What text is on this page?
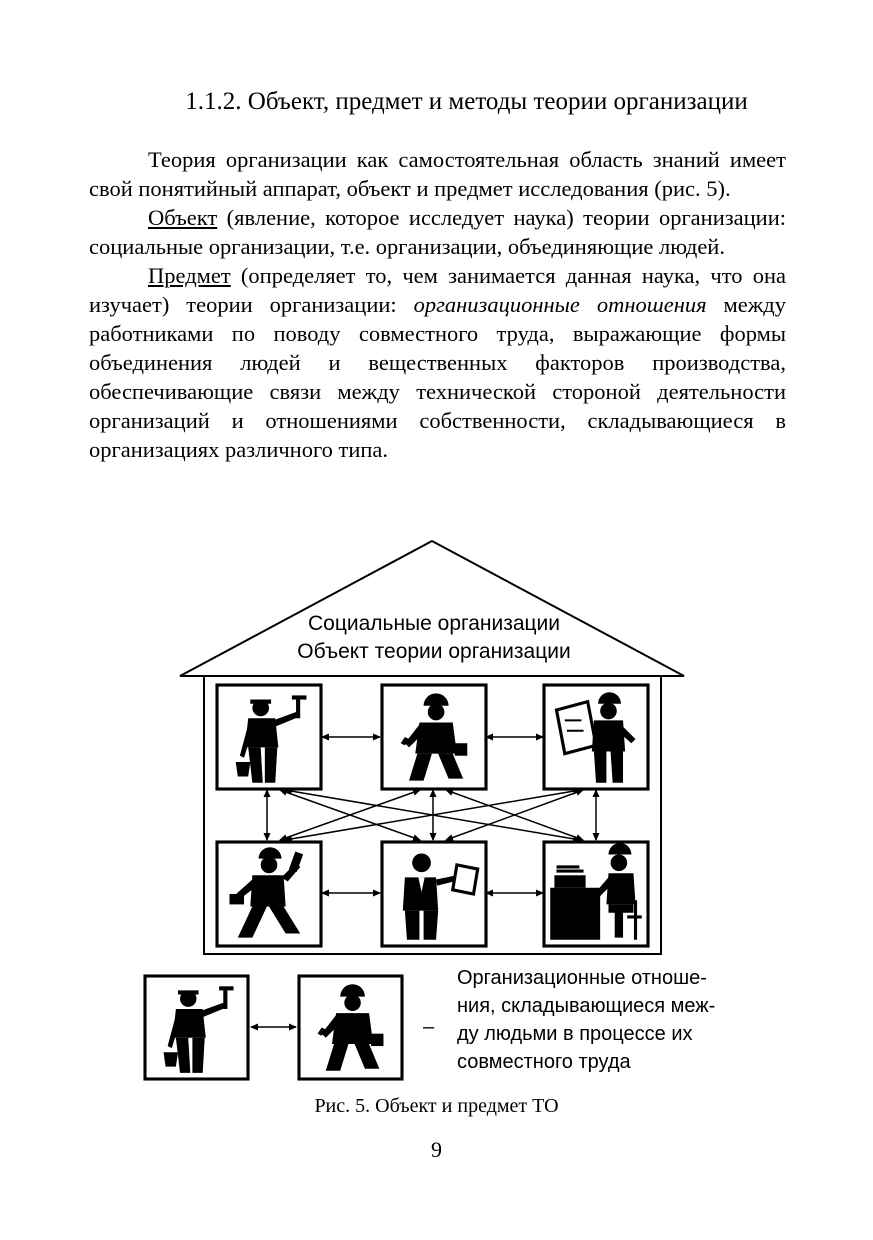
1.1.2. Объект, предмет и методы теории организации

Теория организации как самостоятельная область знаний имеет свой понятийный аппарат, объект и предмет исследования (рис. 5).

Объект (явление, которое исследует наука) теории организации: социальные организации, т.е. организации, объединяющие людей.

Предмет (определяет то, чем занимается данная наука, что она изучает) теории организации: организационные отношения между работниками по поводу совместного труда, выражающие формы объединения людей и вещественных факторов производства, обеспечивающие связи между технической стороной деятельности организаций и отношениями собственности, складывающиеся в организациях различного типа.

Социальные организации
Объект теории организации
–
Организационные отноше-
ния, складывающиеся меж-
ду людьми в процессе их
совместного труда
Рис. 5. Объект и предмет ТО
9
